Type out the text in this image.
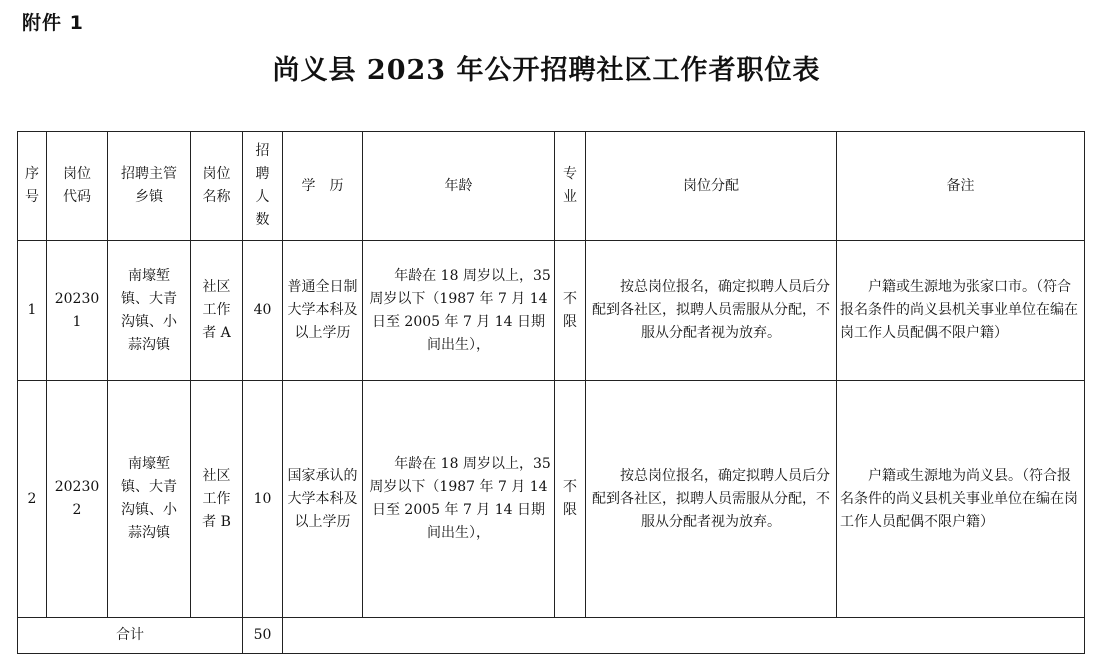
附件 1
尚义县 2023 年公开招聘社区工作者职位表
序号	岗位代码	招聘主管乡镇	岗位名称	招聘人数	学　历	年龄	专业	岗位分配	备注
1	202301	南壕堑镇、大青沟镇、小蒜沟镇	社区工作者 A	40	普通全日制大学本科及以上学历	年龄在 18 周岁以上，35 周岁以下（1987 年 7 月 14 日至 2005 年 7 月 14 日期间出生），	不限	按总岗位报名，确定拟聘人员后分配到各社区，拟聘人员需服从分配，不服从分配者视为放弃。	户籍或生源地为张家口市。（符合报名条件的尚义县机关事业单位在编在岗工作人员配偶不限户籍）

2	202302	南壕堑镇、大青沟镇、小蒜沟镇	社区工作者 B	10	国家承认的大学本科及以上学历	年龄在 18 周岁以上，35 周岁以下（1987 年 7 月 14 日至 2005 年 7 月 14 日期间出生），	不限	按总岗位报名，确定拟聘人员后分配到各社区，拟聘人员需服从分配，不服从分配者视为放弃。	户籍或生源地为尚义县。（符合报名条件的尚义县机关事业单位在编在岗工作人员配偶不限户籍）

合计				50					
